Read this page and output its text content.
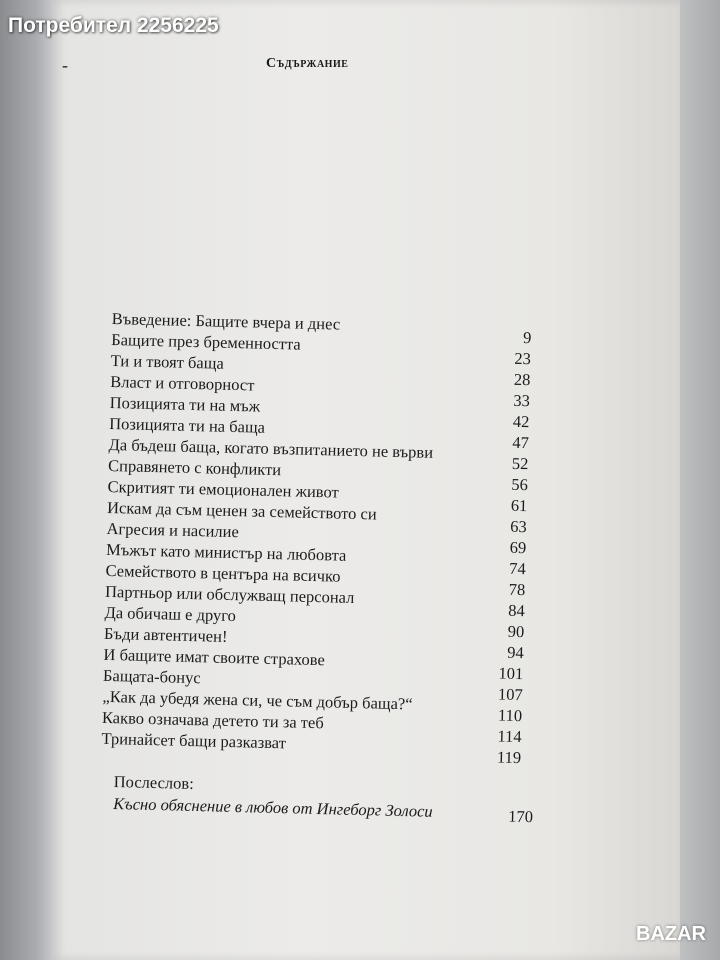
Потребител 2256225
-	Съдържание
Въведение: Бащите вчера и днес
9
Бащите през бременността
23
Ти и твоят баща
28
Власт и отговорност
33
Позицията ти на мъж
42
Позицията ти на баща
47
Да бъдеш баща, когато възпитанието не върви
52
Справянето с конфликти
56
Скритият ти емоционален живот
61
Искам да съм ценен за семейството си
63
Агресия и насилие
69
Мъжът като министър на любовта
74
Семейството в центъра на всичко
78
Партньор или обслужващ персонал
84
Да обичаш е друго
90
Бъди автентичен!
94
И бащите имат своите страхове
101
Бащата-бонус
107
„Как да убедя жена си, че съм добър баща?“
110
Какво означава детето ти за теб
114
Тринайсет бащи разказват
119
Послеслов:
Късно обяснение в любов от Ингеборг Золоси	170
BAZAR
